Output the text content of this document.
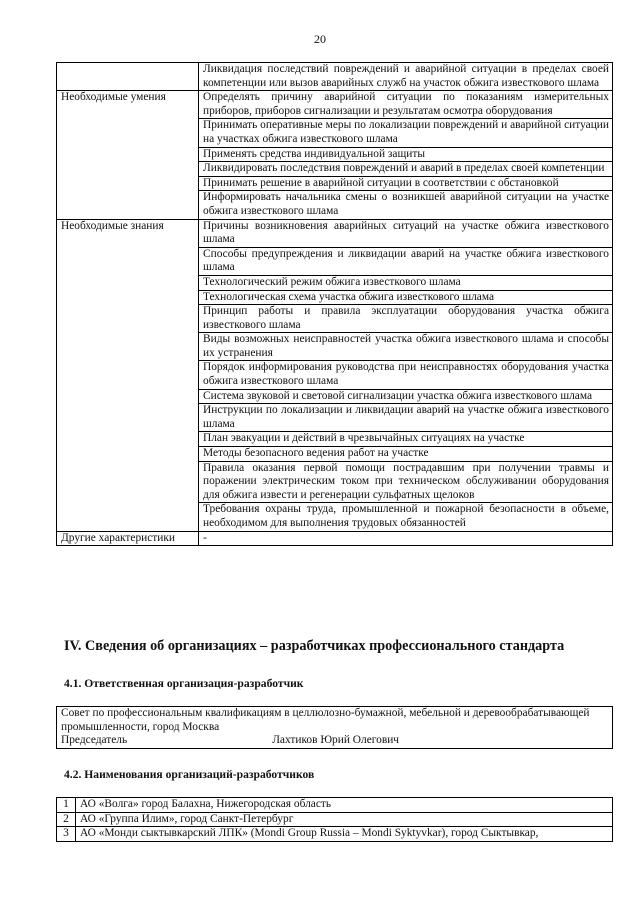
20
	Ликвидация последствий повреждений и аварийной ситуации в пределах своей компетенции или вызов аварийных служб на участок обжига известкового шлама
Необходимые умения	Определять причину аварийной ситуации по показаниям измерительных приборов, приборов сигнализации и результатам осмотра оборудования
	Принимать оперативные меры по локализации повреждений и аварийной ситуации на участках обжига известкового шлама
	Применять средства индивидуальной защиты
	Ликвидировать последствия повреждений и аварий в пределах своей компетенции
	Принимать решение в аварийной ситуации в соответствии с обстановкой
	Информировать начальника смены о возникшей аварийной ситуации на участке обжига известкового шлама
Необходимые знания	Причины возникновения аварийных ситуаций на участке обжига известкового шлама
	Способы предупреждения и ликвидации аварий на участке обжига известкового шлама
	Технологический режим обжига известкового шлама
	Технологическая схема участка обжига известкового шлама
	Принцип работы и правила эксплуатации оборудования участка обжига известкового шлама
	Виды возможных неисправностей участка обжига известкового шлама и способы их устранения
	Порядок информирования руководства при неисправностях оборудования участка обжига известкового шлама
	Система звуковой и световой сигнализации участка обжига известкового шлама
	Инструкции по локализации и ликвидации аварий на участке обжига известкового шлама
	План эвакуации и действий в чрезвычайных ситуациях на участке
	Методы безопасного ведения работ на участке
	Правила оказания первой помощи пострадавшим при получении травмы и поражении электрическим током при техническом обслуживании оборудования для обжига извести и регенерации сульфатных щелоков
	Требования охраны труда, промышленной и пожарной безопасности в объеме, необходимом для выполнения трудовых обязанностей
Другие характеристики	-
IV. Сведения об организациях – разработчиках профессионального стандарта
4.1. Ответственная организация-разработчик
Совет по профессиональным квалификациям в целлюлозно-бумажной, мебельной и деревообрабатывающей промышленности, город Москва
Председатель	Лахтиков Юрий Олегович
4.2. Наименования организаций-разработчиков
1	АО «Волга» город Балахна, Нижегородская область
2	АО «Группа Илим», город Санкт-Петербург
3	АО «Монди сыктывкарский ЛПК» (Mondi Group Russia – Mondi Syktyvkar), город Сыктывкар,
